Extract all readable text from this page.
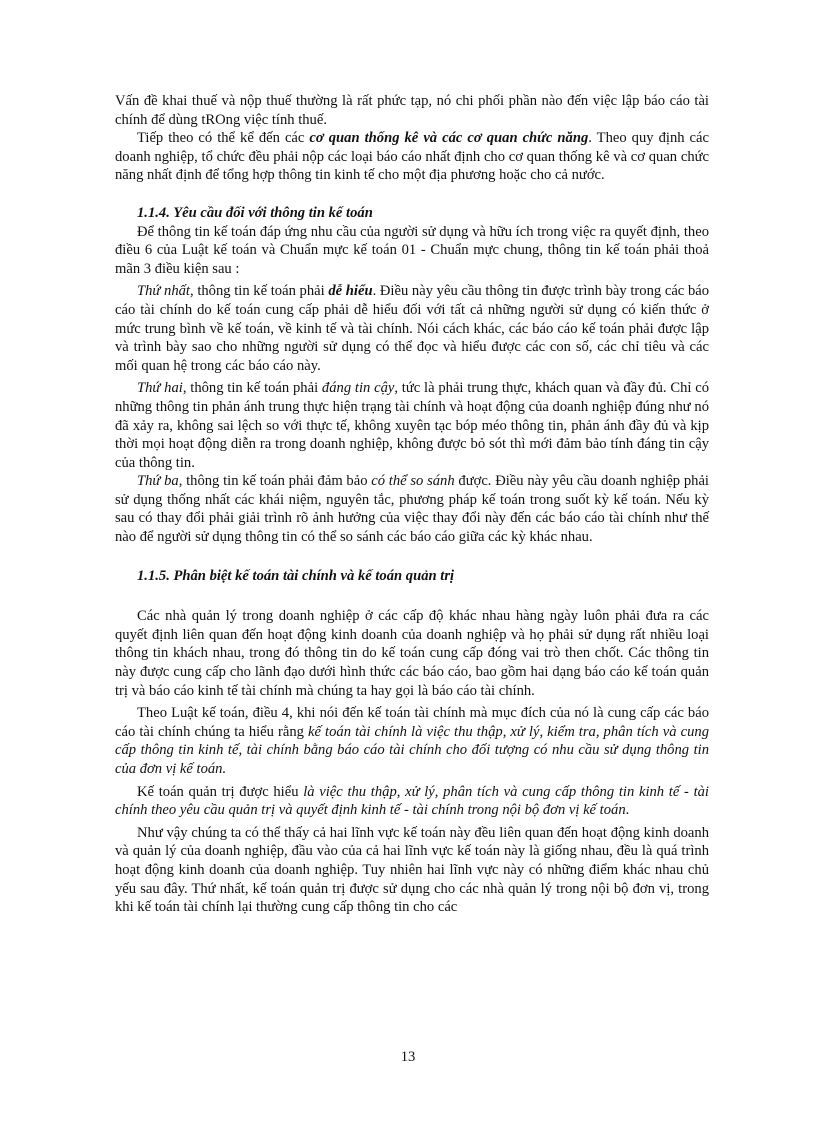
Vấn đề khai thuế và nộp thuế thường là rất phức tạp, nó chi phối phần nào đến việc lập báo cáo tài chính để dùng tROng việc tính thuế.

Tiếp theo có thể kể đến các cơ quan thống kê và các cơ quan chức năng. Theo quy định các doanh nghiệp, tổ chức đều phải nộp các loại báo cáo nhất định cho cơ quan thống kê và cơ quan chức năng nhất định để tổng hợp thông tin kinh tế cho một địa phương hoặc cho cả nước.

1.1.4. Yêu cầu đối với thông tin kế toán

Để thông tin kế toán đáp ứng nhu cầu của người sử dụng và hữu ích trong việc ra quyết định, theo điều 6 của Luật kế toán và Chuẩn mực kế toán 01 - Chuẩn mực chung, thông tin kế toán phải thoả mãn 3 điều kiện sau :

Thứ nhất, thông tin kế toán phải dễ hiểu. Điều này yêu cầu thông tin được trình bày trong các báo cáo tài chính do kế toán cung cấp phải dễ hiểu đối với tất cả những người sử dụng có kiến thức ở mức trung bình về kế toán, về kinh tế và tài chính. Nói cách khác, các báo cáo kế toán phải được lập và trình bày sao cho những người sử dụng có thể đọc và hiểu được các con số, các chỉ tiêu và các mối quan hệ trong các báo cáo này.

Thứ hai, thông tin kế toán phải đáng tin cậy, tức là phải trung thực, khách quan và đầy đủ. Chỉ có những thông tin phản ánh trung thực hiện trạng tài chính và hoạt động của doanh nghiệp đúng như nó đã xảy ra, không sai lệch so với thực tế, không xuyên tạc bóp méo thông tin, phản ánh đầy đủ và kịp thời mọi hoạt động diễn ra trong doanh nghiệp, không được bỏ sót thì mới đảm bảo tính đáng tin cậy của thông tin.

Thứ ba, thông tin kế toán phải đảm bảo có thể so sánh được. Điều này yêu cầu doanh nghiệp phải sử dụng thống nhất các khái niệm, nguyên tắc, phương pháp kế toán trong suốt kỳ kế toán. Nếu kỳ sau có thay đổi phải giải trình rõ ảnh hưởng của việc thay đổi này đến các báo cáo tài chính như thế nào để người sử dụng thông tin có thể so sánh các báo cáo giữa các kỳ khác nhau.

1.1.5. Phân biệt kế toán tài chính và kế toán quản trị

Các nhà quản lý trong doanh nghiệp ở các cấp độ khác nhau hàng ngày luôn phải đưa ra các quyết định liên quan đến hoạt động kinh doanh của doanh nghiệp và họ phải sử dụng rất nhiều loại thông tin khách nhau, trong đó thông tin do kế toán cung cấp đóng vai trò then chốt. Các thông tin này được cung cấp cho lãnh đạo dưới hình thức các báo cáo, bao gồm hai dạng báo cáo kế toán quản trị và báo cáo kinh tế tài chính mà chúng ta hay gọi là báo cáo tài chính.

Theo Luật kế toán, điều 4, khi nói đến kế toán tài chính mà mục đích của nó là cung cấp các báo cáo tài chính chúng ta hiểu rằng kế toán tài chính là việc thu thập, xử lý, kiểm tra, phân tích và cung cấp thông tin kinh tế, tài chính bằng báo cáo tài chính cho đối tượng có nhu cầu sử dụng thông tin của đơn vị kế toán.

Kế toán quản trị được hiểu là việc thu thập, xử lý, phân tích và cung cấp thông tin kinh tế - tài chính theo yêu cầu quản trị và quyết định kinh tế - tài chính trong nội bộ đơn vị kế toán.

Như vậy chúng ta có thể thấy cả hai lĩnh vực kế toán này đều liên quan đến hoạt động kinh doanh và quản lý của doanh nghiệp, đầu vào của cả hai lĩnh vực kế toán này là giống nhau, đều là quá trình hoạt động kinh doanh của doanh nghiệp. Tuy nhiên hai lĩnh vực này có những điểm khác nhau chủ yếu sau đây. Thứ nhất, kế toán quản trị được sử dụng cho các nhà quản lý trong nội bộ đơn vị, trong khi kế toán tài chính lại thường cung cấp thông tin cho các

13
